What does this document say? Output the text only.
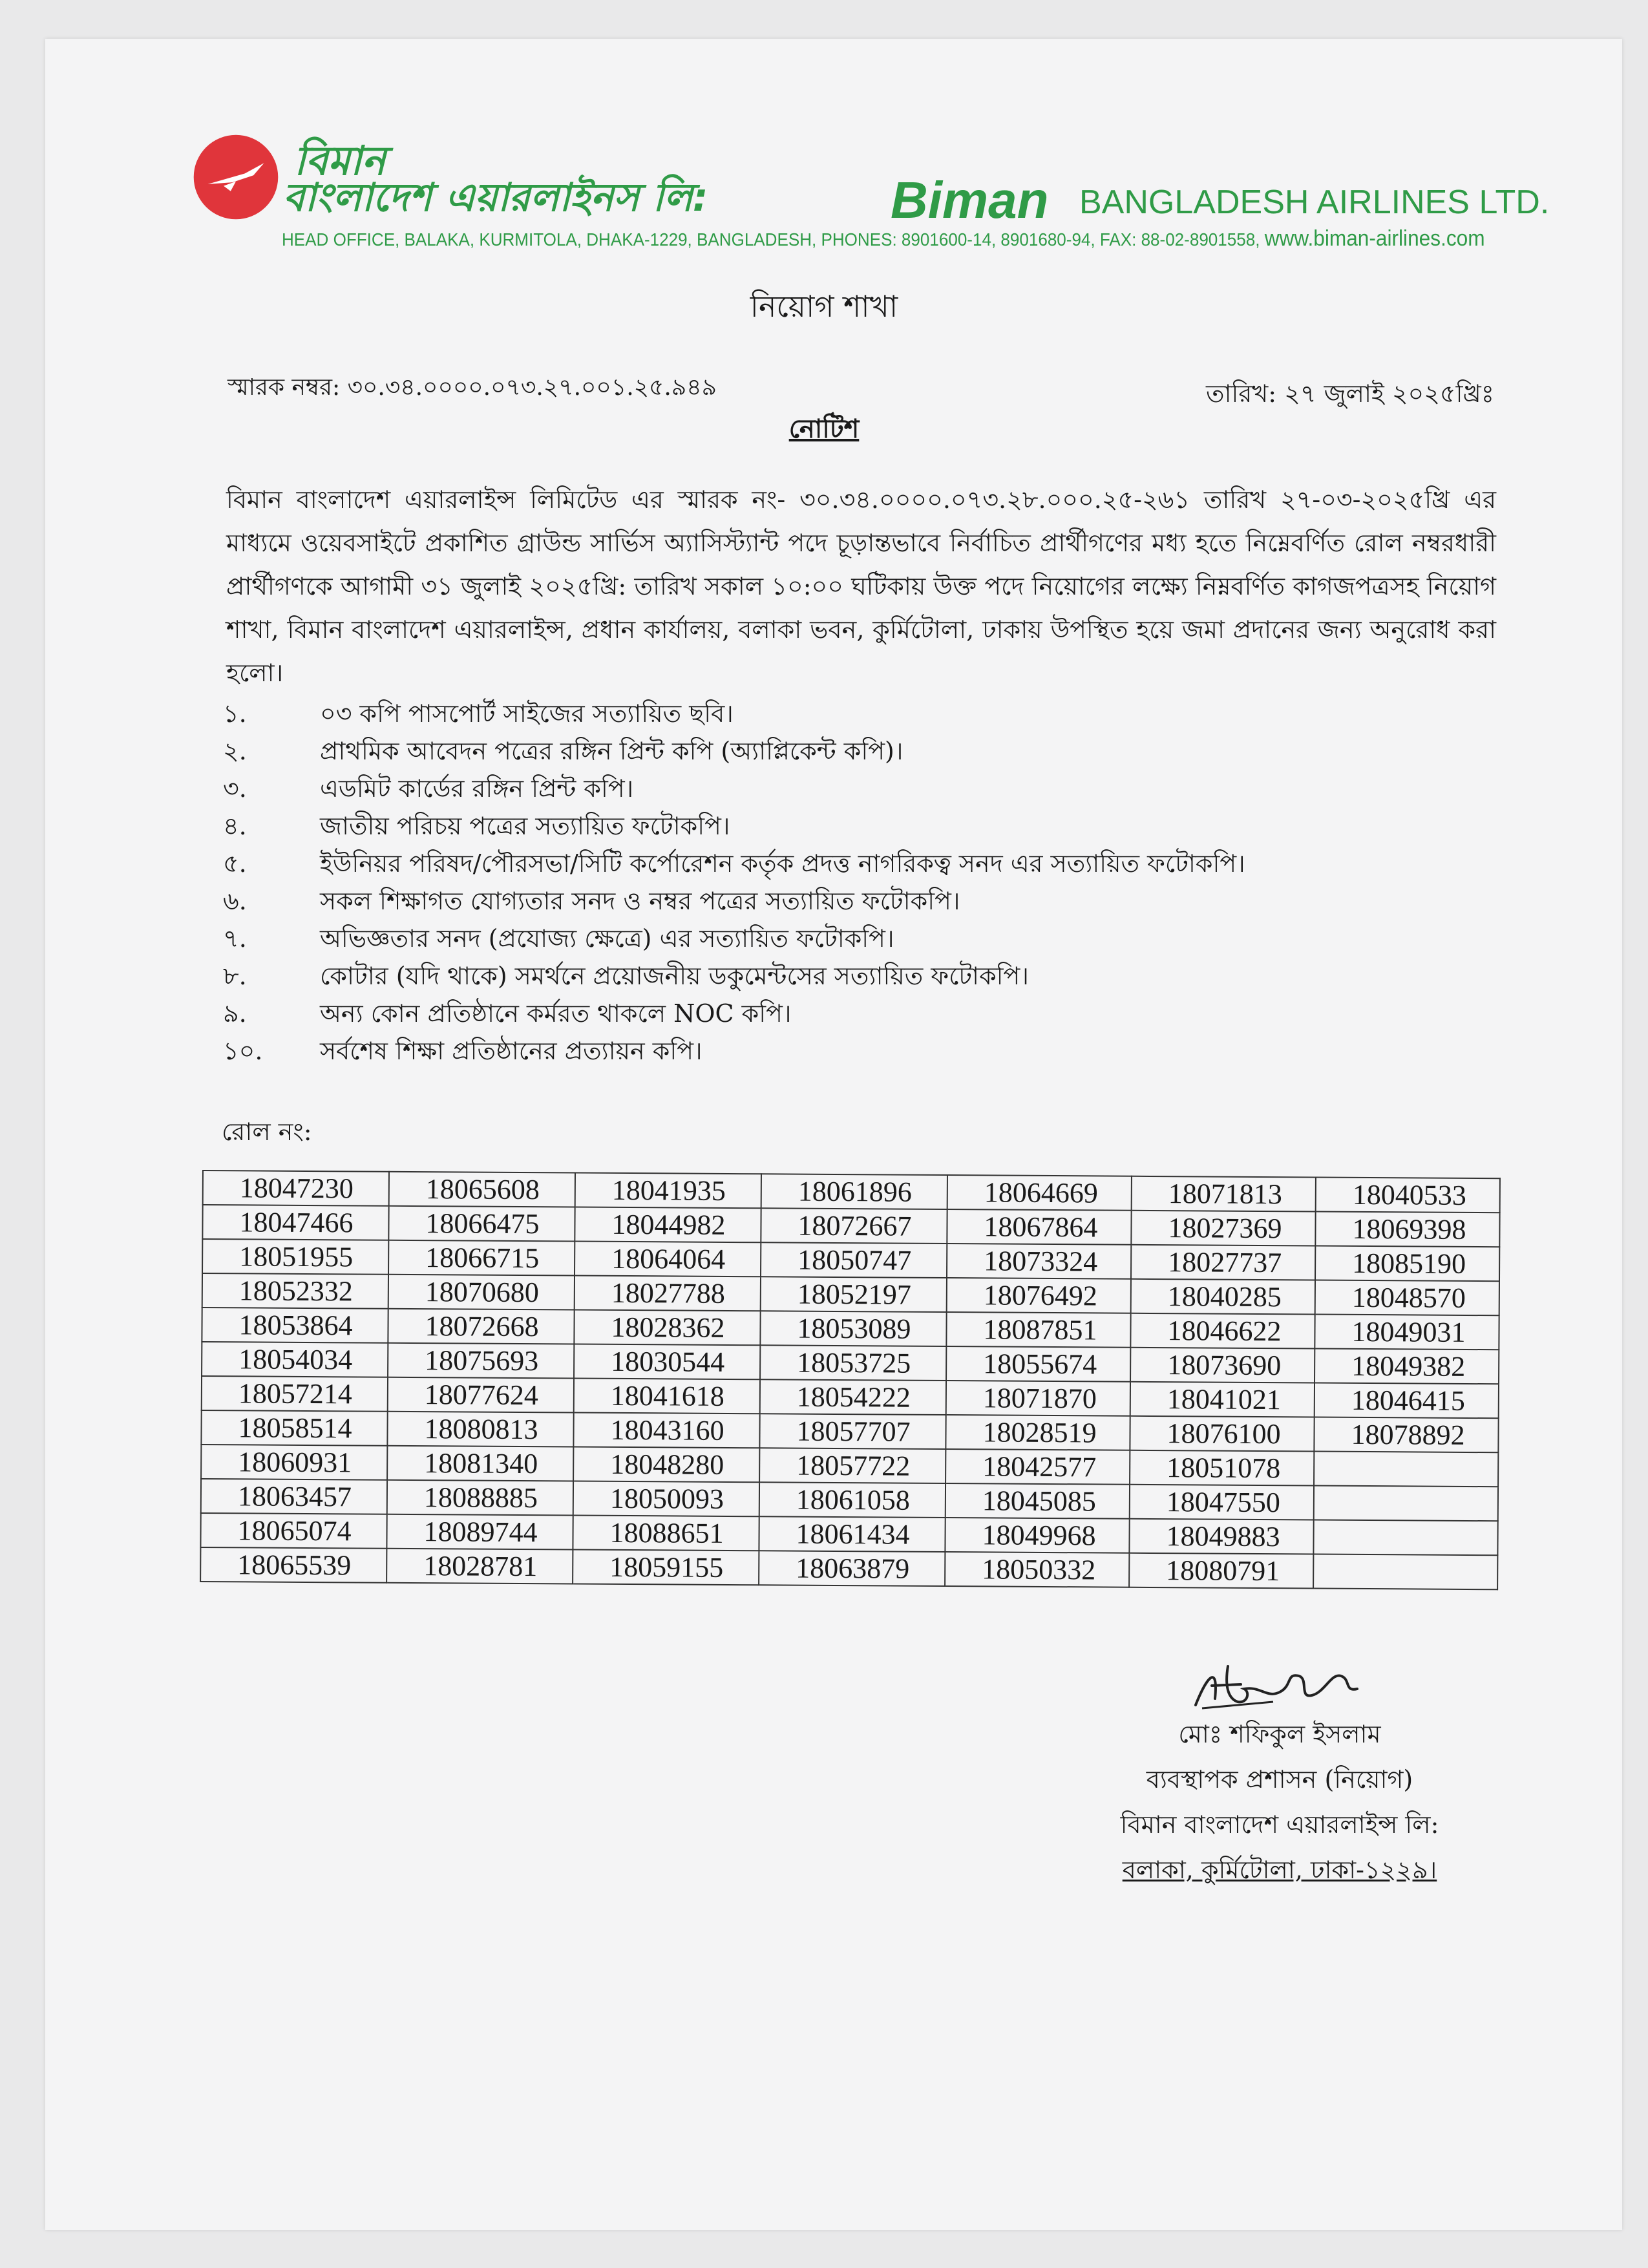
বিমান
বাংলাদেশ এয়ারলাইনস লি:	Biman BANGLADESH AIRLINES LTD.
HEAD OFFICE, BALAKA, KURMITOLA, DHAKA-1229, BANGLADESH, PHONES: 8901600-14, 8901680-94, FAX: 88-02-8901558, www.biman-airlines.com
নিয়োগ শাখা
স্মারক নম্বর: ৩০.৩৪.০০০০.০৭৩.২৭.০০১.২৫.৯৪৯	তারিখ: ২৭ জুলাই ২০২৫খ্রিঃ
নোটিশ
বিমান বাংলাদেশ এয়ারলাইন্স লিমিটেড এর স্মারক নং- ৩০.৩৪.০০০০.০৭৩.২৮.০০০.২৫-২৬১ তারিখ ২৭-০৩-২০২৫খ্রি এর মাধ্যমে ওয়েবসাইটে প্রকাশিত গ্রাউন্ড সার্ভিস অ্যাসিস্ট্যান্ট পদে চূড়ান্তভাবে নির্বাচিত প্রার্থীগণের মধ্য হতে নিম্নেবর্ণিত রোল নম্বরধারী প্রার্থীগণকে আগামী ৩১ জুলাই ২০২৫খ্রি: তারিখ সকাল ১০:০০ ঘটিকায় উক্ত পদে নিয়োগের লক্ষ্যে নিম্নবর্ণিত কাগজপত্রসহ নিয়োগ শাখা, বিমান বাংলাদেশ এয়ারলাইন্স, প্রধান কার্যালয়, বলাকা ভবন, কুর্মিটোলা, ঢাকায় উপস্থিত হয়ে জমা প্রদানের জন্য অনুরোধ করা হলো।
১.	০৩ কপি পাসপোর্ট সাইজের সত্যায়িত ছবি।
২.	প্রাথমিক আবেদন পত্রের রঙ্গিন প্রিন্ট কপি (অ্যাপ্লিকেন্ট কপি)।
৩.	এডমিট কার্ডের রঙ্গিন প্রিন্ট কপি।
৪.	জাতীয় পরিচয় পত্রের সত্যায়িত ফটোকপি।
৫.	ইউনিয়র পরিষদ/পৌরসভা/সিটি কর্পোরেশন কর্তৃক প্রদত্ত নাগরিকত্ব সনদ এর সত্যায়িত ফটোকপি।
৬.	সকল শিক্ষাগত যোগ্যতার সনদ ও নম্বর পত্রের সত্যায়িত ফটোকপি।
৭.	অভিজ্ঞতার সনদ (প্রযোজ্য ক্ষেত্রে) এর সত্যায়িত ফটোকপি।
৮.	কোটার (যদি থাকে) সমর্থনে প্রয়োজনীয় ডকুমেন্টসের সত্যায়িত ফটোকপি।
৯.	অন্য কোন প্রতিষ্ঠানে কর্মরত থাকলে NOC কপি।
১০.	সর্বশেষ শিক্ষা প্রতিষ্ঠানের প্রত্যায়ন কপি।
রোল নং:
18047230	18065608	18041935	18061896	18064669	18071813	18040533
18047466	18066475	18044982	18072667	18067864	18027369	18069398
18051955	18066715	18064064	18050747	18073324	18027737	18085190
18052332	18070680	18027788	18052197	18076492	18040285	18048570
18053864	18072668	18028362	18053089	18087851	18046622	18049031
18054034	18075693	18030544	18053725	18055674	18073690	18049382
18057214	18077624	18041618	18054222	18071870	18041021	18046415
18058514	18080813	18043160	18057707	18028519	18076100	18078892
18060931	18081340	18048280	18057722	18042577	18051078	
18063457	18088885	18050093	18061058	18045085	18047550	
18065074	18089744	18088651	18061434	18049968	18049883	
18065539	18028781	18059155	18063879	18050332	18080791	
মোঃ শফিকুল ইসলাম
ব্যবস্থাপক প্রশাসন (নিয়োগ)
বিমান বাংলাদেশ এয়ারলাইন্স লি:
বলাকা, কুর্মিটোলা, ঢাকা-১২২৯।
